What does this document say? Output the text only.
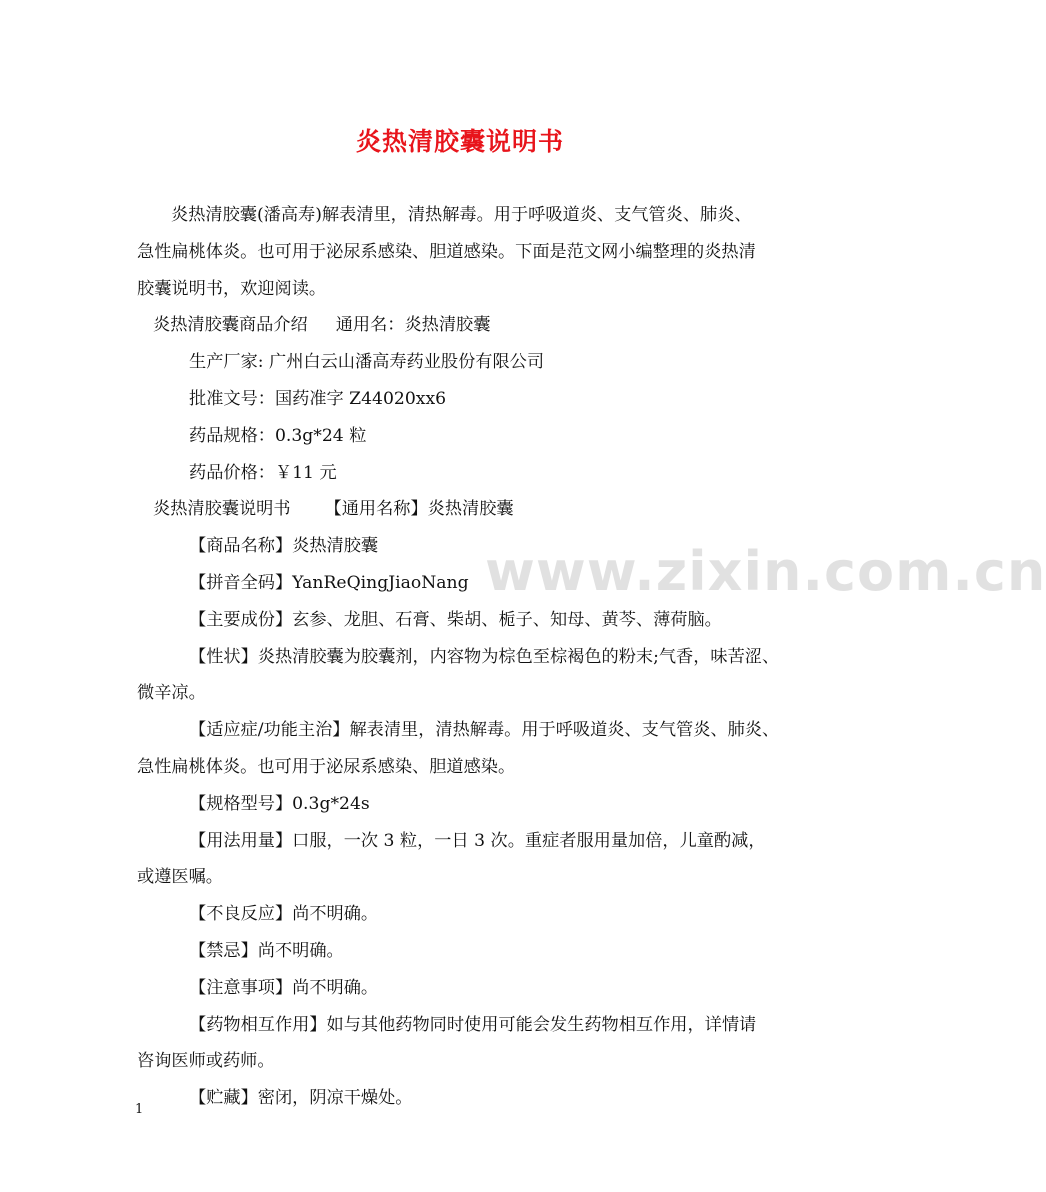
炎热清胶囊说明书
www.zixin.com.cn
炎热清胶囊(潘高寿)解表清里，清热解毒。用于呼吸道炎、支气管炎、肺炎、
急性扁桃体炎。也可用于泌尿系感染、胆道感染。下面是范文网小编整理的炎热清
胶囊说明书，欢迎阅读。
炎热清胶囊商品介绍 通用名：炎热清胶囊
生产厂家: 广州白云山潘高寿药业股份有限公司
批准文号：国药准字 Z44020xx6
药品规格：0.3g*24 粒
药品价格：￥11 元
炎热清胶囊说明书 【通用名称】炎热清胶囊
【商品名称】炎热清胶囊
【拼音全码】YanReQingJiaoNang
【主要成份】玄参、龙胆、石膏、柴胡、栀子、知母、黄芩、薄荷脑。
【性状】炎热清胶囊为胶囊剂，内容物为棕色至棕褐色的粉末;气香，味苦涩、
微辛凉。
【适应症/功能主治】解表清里，清热解毒。用于呼吸道炎、支气管炎、肺炎、
急性扁桃体炎。也可用于泌尿系感染、胆道感染。
【规格型号】0.3g*24s
【用法用量】口服，一次 3 粒，一日 3 次。重症者服用量加倍，儿童酌减，
或遵医嘱。
【不良反应】尚不明确。
【禁忌】尚不明确。
【注意事项】尚不明确。
【药物相互作用】如与其他药物同时使用可能会发生药物相互作用，详情请
咨询医师或药师。
【贮藏】密闭，阴凉干燥处。
1
